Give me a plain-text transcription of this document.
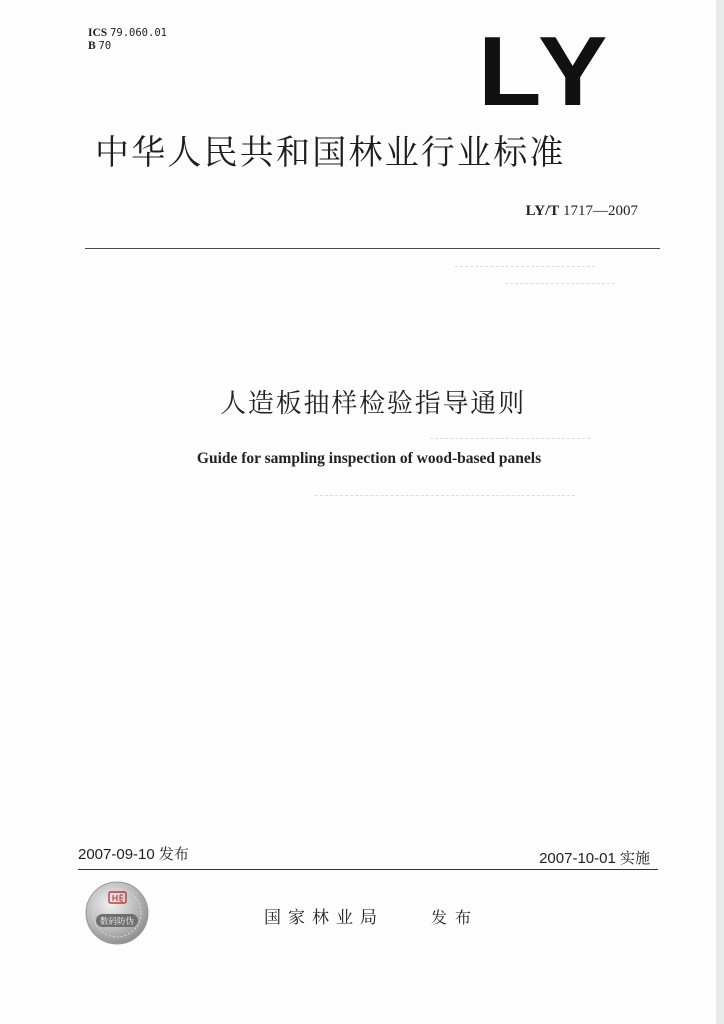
ICS 79.060.01
B 70	LY
中华人民共和国林业行业标准
LY/T 1717—2007
人造板抽样检验指导通则
Guide for sampling inspection of wood-based panels
2007-09-10 发布	2007-10-01 实施
数码防伪	国家林业局	发布
